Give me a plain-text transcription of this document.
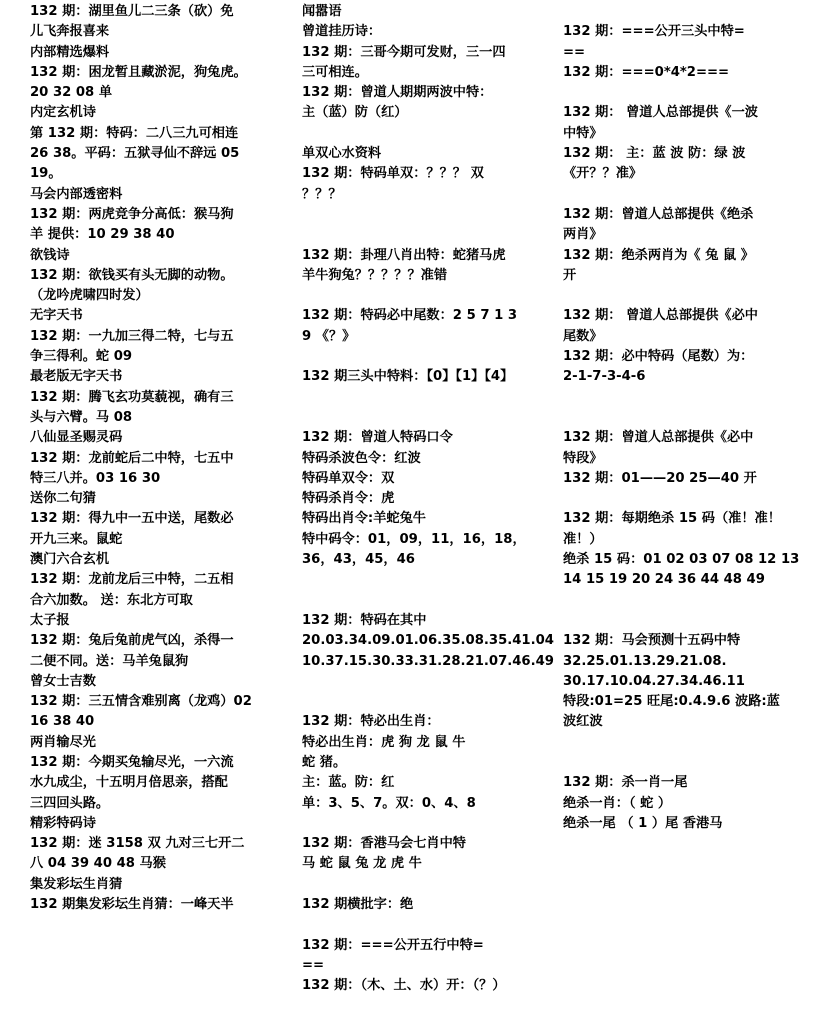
132 期：湖里鱼儿二三条（砍）免
儿飞奔报喜来
内部精选爆料
132 期：困龙暂且藏淤泥，狗兔虎。
20 32 08 单
内定玄机诗
第 132 期：特码：二八三九可相连
26 38。平码：五狱寻仙不辞远 05
19。
马会内部透密料
132 期：两虎竞争分高低：猴马狗
羊 提供：10 29 38 40
欲钱诗
132 期：欲钱买有头无脚的动物。
（龙吟虎啸四时发）
无字天书
132 期：一九加三得二特，七与五
争三得利。蛇 09
最老版无字天书
132 期：腾飞玄功莫藐视，确有三
头与六臂。马 08
八仙显圣赐灵码
132 期：龙前蛇后二中特，七五中
特三八并。03 16 30
送你二句猜
132 期：得九中一五中送，尾数必
开九三来。鼠蛇
澳门六合玄机
132 期：龙前龙后三中特，二五相
合六加数。 送：东北方可取
太子报
132 期：兔后兔前虎气凶，杀得一
二便不同。送：马羊兔鼠狗
曾女士吉数
132 期：三五情含难别离（龙鸡）02
16 38 40
两肖输尽光
132 期：今期买兔输尽光，一六流
水九成尘，十五明月倍思亲，搭配
三四回头路。
精彩特码诗
132 期：迷 3158 双 九对三七开二
八 04 39 40 48 马猴
集发彩坛生肖猜
132 期集发彩坛生肖猜：一峰天半
闻嚣语
曾道挂历诗：
132 期：三哥今期可发财，三一四
三可相连。
132 期：曾道人期期两波中特：
主（蓝）防（红）
单双心水资料
132 期：特码单双：？？？ 双
？？？
132 期：卦理八肖出特：蛇猪马虎
羊牛狗兔？？？？？准错
132 期：特码必中尾数：2 5 7 1 3
9 《？》
132 期三头中特料：【0】【1】【4】
132 期：曾道人特码口令
特码杀波色令：红波
特码单双令：双
特码杀肖令：虎
特码出肖令:羊蛇兔牛
特中码令：01，09，11，16，18，
36，43，45，46
132 期：特码在其中
20.03.34.09.01.06.35.08.35.41.04
10.37.15.30.33.31.28.21.07.46.49
132 期：特必出生肖：
特必出生肖：虎 狗 龙 鼠 牛
蛇 猪。
主：蓝。防：红
单：3、5、7。双：0、4、8
132 期：香港马会七肖中特
马 蛇 鼠 兔 龙 虎 牛
132 期横批字：绝
132 期：===公开五行中特=
==
132 期：（木、土、水）开：（？）
132 期：===公开三头中特=
==
132 期：===0*4*2===
132 期： 曾道人总部提供《一波
中特》
132 期： 主：蓝 波 防：绿 波
《开？？准》
132 期：曾道人总部提供《绝杀
两肖》
132 期：绝杀两肖为《 兔 鼠 》
开
132 期： 曾道人总部提供《必中
尾数》
132 期：必中特码（尾数）为：
2-1-7-3-4-6
132 期：曾道人总部提供《必中
特段》
132 期：01——20 25—40 开
132 期：每期绝杀 15 码（准！准！
准！）
绝杀 15 码：01 02 03 07 08 12 13
14 15 19 20 24 36 44 48 49
132 期：马会预测十五码中特
32.25.01.13.29.21.08.
30.17.10.04.27.34.46.11
特段:01=25 旺尾:0.4.9.6 波路:蓝
波红波
132 期：杀一肖一尾
绝杀一肖：（ 蛇 ）
绝杀一尾 （ 1 ）尾 香港马
